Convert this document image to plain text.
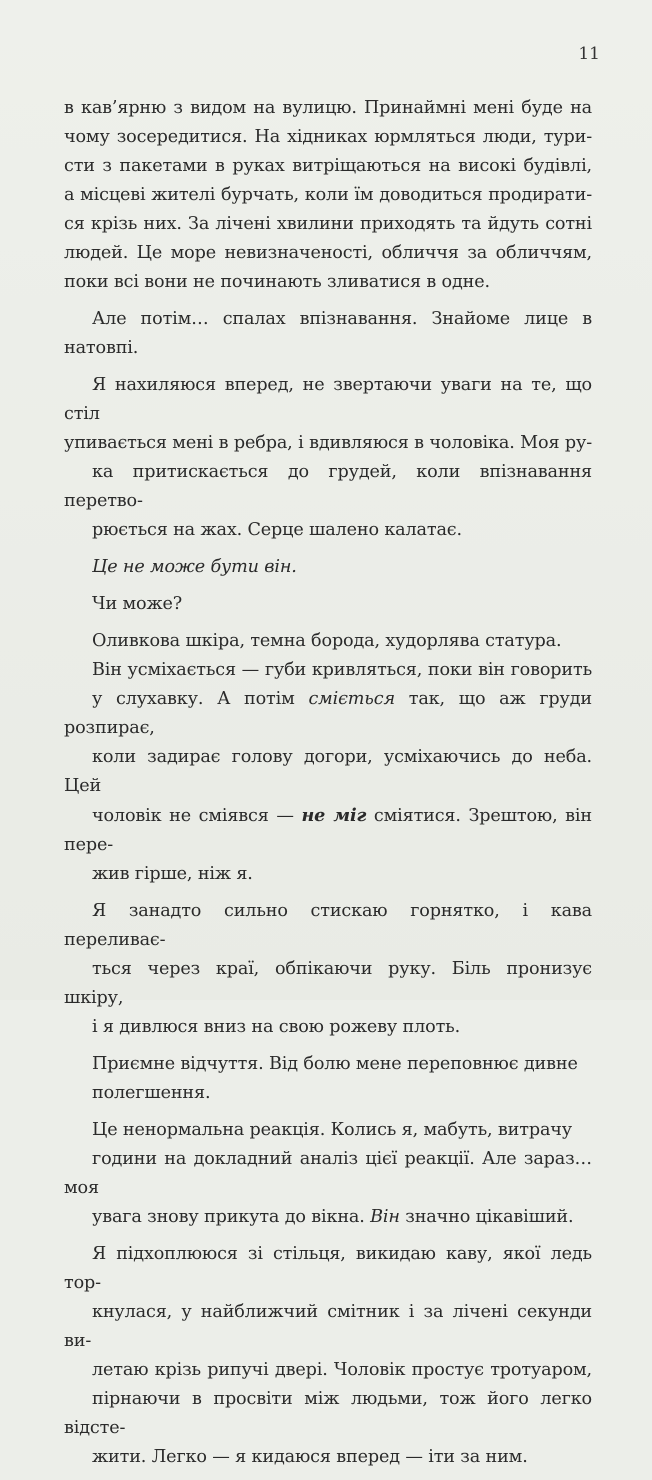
11

в кав’ярню з видом на вулицю. Принаймні мені буде на
чому зосередитися. На хідниках юрмляться люди, тури-
сти з пакетами в руках витріщаються на високі будівлі,
а місцеві жителі бурчать, коли їм доводиться продирати-
ся крізь них. За лічені хвилини приходять та йдуть сотні
людей. Це море невизначеності, обличчя за обличчям,
поки всі вони не починають зливатися в одне.

Але потім… спалах впізнавання. Знайоме лице в натовпі.

Я нахиляюся вперед, не звертаючи уваги на те, що стіл

упивається мені в ребра, і вдивляюся в чоловіка. Моя ру-
ка притискається до грудей, коли впізнавання перетво-
рюється на жах. Серце шалено калатає.

Це не може бути він.

Чи може?

Оливкова шкіра, темна борода, худорлява статура.

Він усміхається — губи кривляться, поки він говорить
у слухавку. А потім сміється так, що аж груди розпирає,
коли задирає голову догори, усміхаючись до неба. Цей
чоловік не сміявся — не міг сміятися. Зрештою, він пере-
жив гірше, ніж я.

Я занадто сильно стискаю горнятко, і кава переливає-

ться через краї, обпікаючи руку. Біль пронизує шкіру,
і я дивлюся вниз на свою рожеву плоть.

Приємне відчуття. Від болю мене переповнює дивне

полегшення.

Це ненормальна реакція. Колись я, мабуть, витрачу

години на докладний аналіз цієї реакції. Але зараз… моя
увага знову прикута до вікна. Він значно цікавіший.

Я підхоплююся зі стільця, викидаю каву, якої ледь тор-

кнулася, у найближчий смітник і за лічені секунди ви-
летаю крізь рипучі двері. Чоловік простує тротуаром,
пірнаючи в просвіти між людьми, тож його легко відсте-
жити. Легко — я кидаюся вперед — іти за ним.
